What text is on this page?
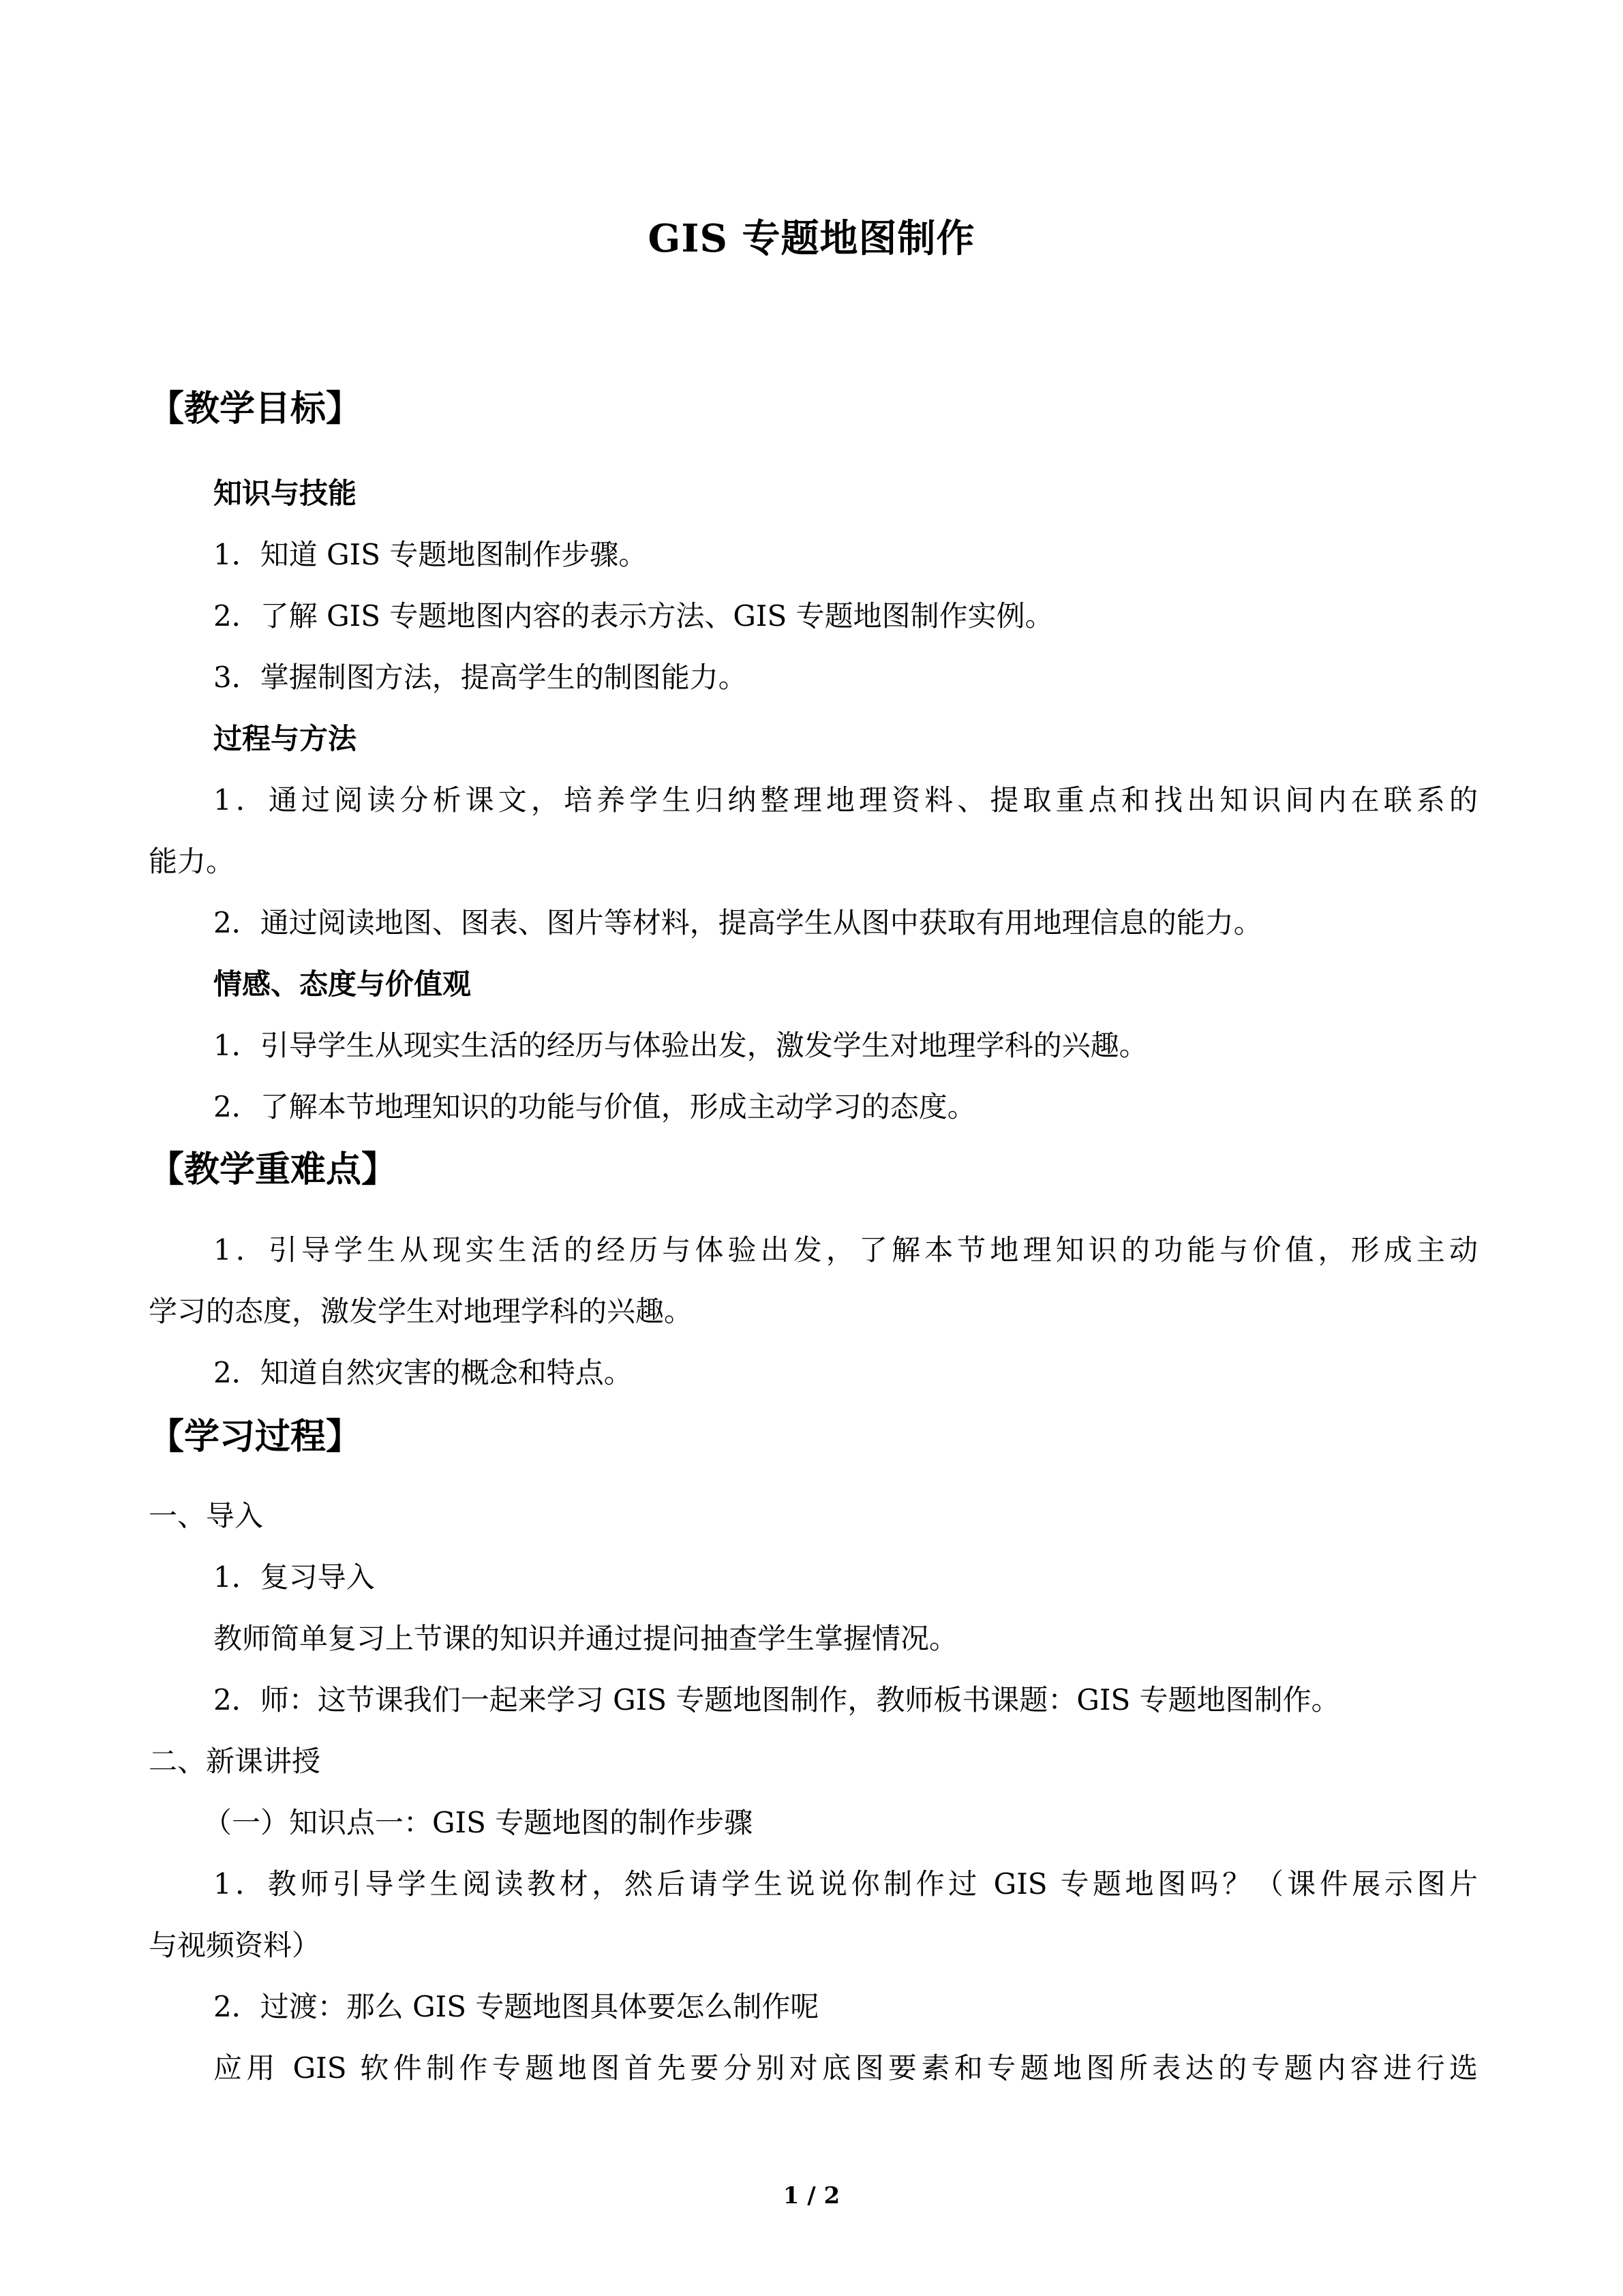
GIS 专题地图制作
【教学目标】
知识与技能
1．知道 GIS 专题地图制作步骤。
2．了解 GIS 专题地图内容的表示方法、GIS 专题地图制作实例。
3．掌握制图方法，提高学生的制图能力。
过程与方法
1．通过阅读分析课文，培养学生归纳整理地理资料、提取重点和找出知识间内在联系的
能力。
2．通过阅读地图、图表、图片等材料，提高学生从图中获取有用地理信息的能力。
情感、态度与价值观
1．引导学生从现实生活的经历与体验出发，激发学生对地理学科的兴趣。
2．了解本节地理知识的功能与价值，形成主动学习的态度。
【教学重难点】
1．引导学生从现实生活的经历与体验出发，了解本节地理知识的功能与价值，形成主动
学习的态度，激发学生对地理学科的兴趣。
2．知道自然灾害的概念和特点。
【学习过程】
一、导入
1．复习导入
教师简单复习上节课的知识并通过提问抽查学生掌握情况。
2．师：这节课我们一起来学习 GIS 专题地图制作，教师板书课题：GIS 专题地图制作。
二、新课讲授
（一）知识点一：GIS 专题地图的制作步骤
1．教师引导学生阅读教材，然后请学生说说你制作过 GIS 专题地图吗？（课件展示图片
与视频资料）
2．过渡：那么 GIS 专题地图具体要怎么制作呢
应用 GIS 软件制作专题地图首先要分别对底图要素和专题地图所表达的专题内容进行选
1 / 2
